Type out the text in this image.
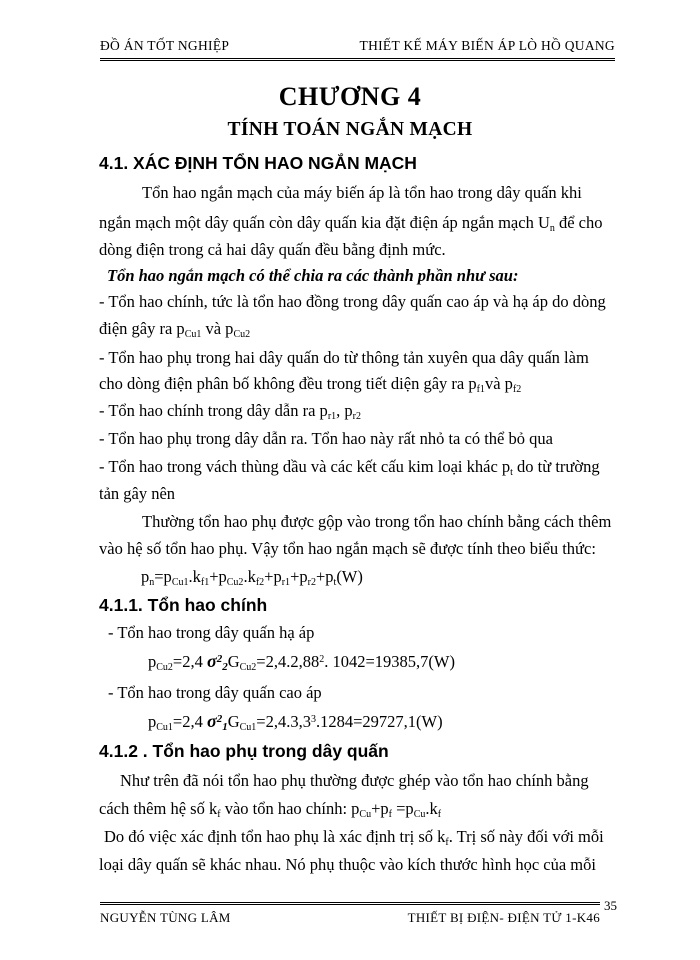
ĐỒ ÁN TỐT NGHIỆP	THIẾT KẾ MÁY BIẾN ÁP LÒ HỒ QUANG
CHƯƠNG 4
TÍNH TOÁN NGẮN MẠCH
4.1. XÁC ĐỊNH TỔN HAO NGẮN MẠCH
Tổn hao ngắn mạch của máy biến áp là tổn hao trong dây quấn khi
ngắn mạch một dây quấn còn dây quấn kia đặt điện áp ngắn mạch $U_n$ để cho
dòng điện trong cả hai dây quấn đều bằng định mức.
Tổn hao ngắn mạch có thể chia ra các thành phần như sau:
- Tổn hao chính, tức là tổn hao đồng trong dây quấn cao áp và hạ áp do dòng
điện gây ra $p_{Cu1}$ và $p_{Cu2}$
- Tổn hao phụ trong hai dây quấn do từ thông tản xuyên qua dây quấn làm
cho dòng điện phân bố không đều trong tiết diện gây ra $p_{f1}và$ $p_{f2}$
- Tổn hao chính trong dây dẫn ra $p_{r1}$, $p_{r2}$
- Tổn hao phụ trong dây dẫn ra. Tổn hao này rất nhỏ ta có thể bỏ qua
- Tổn hao trong vách thùng dầu và các kết cấu kim loại khác $p_t$ do từ trường
tản gây nên
Thường tổn hao phụ được gộp vào trong tổn hao chính bằng cách thêm
vào hệ số tổn hao phụ. Vậy tổn hao ngắn mạch sẽ được tính theo biểu thức:
$p_n=p_{Cu1}.k_{f1}+p_{Cu2}.k_{f2}+p_{r1}+p_{r2}+p_t(W)$
4.1.1. Tổn hao chính
- Tổn hao trong dây quấn hạ áp
$p_{Cu2}=2,4$ $\sigma^2_2G_{Cu2}=2,4.2,88^2$. 1042=19385,7(W)
- Tổn hao trong dây quấn cao áp
$p_{Cu1}=2,4$ $\sigma^2_1G_{Cu1}=2,4.3,3^3.1284=29727,1(W)$
4.1.2 . Tổn hao phụ trong dây quấn
Như trên đã nói tổn hao phụ thường được ghép vào tổn hao chính bằng
cách thêm hệ số $k_f$ vào tổn hao chính: $p_{Cu}+p_f =p_{Cu}.k_f$
Do đó việc xác định tổn hao phụ là xác định trị số $k_f$. Trị số này đối với mỗi
loại dây quấn sẽ khác nhau. Nó phụ thuộc vào kích thước hình học của mỗi
NGUYỄN TÙNG LÂM	THIẾT BỊ ĐIỆN- ĐIỆN TỬ 1-K46
35
